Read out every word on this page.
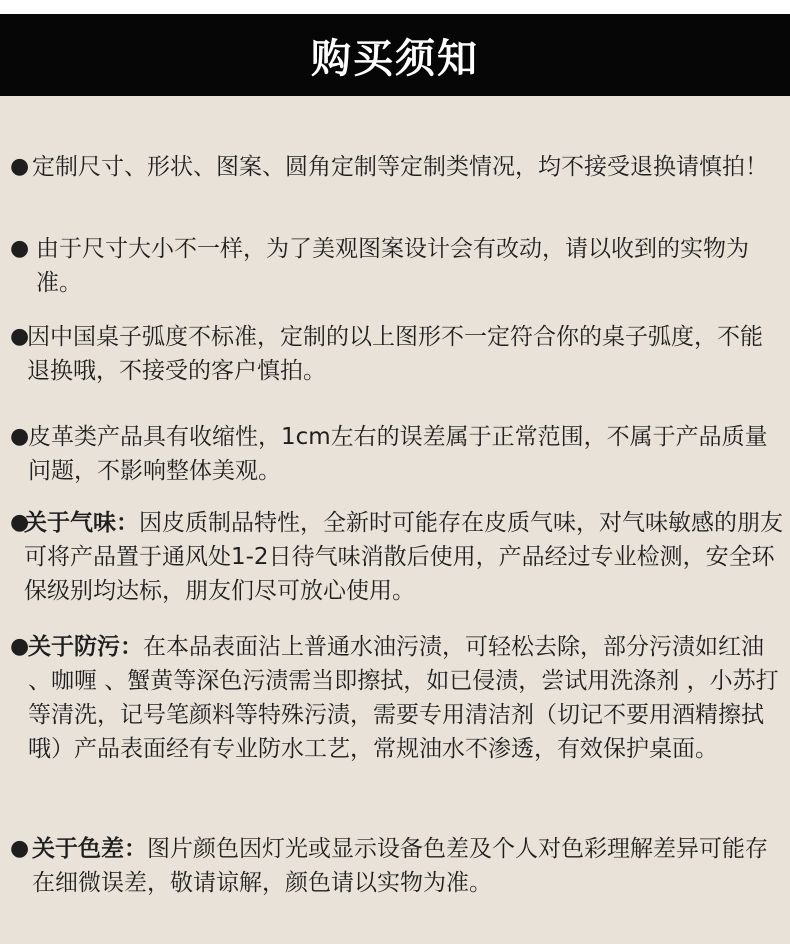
购买须知
● 定制尺寸、形状、图案、圆角定制等定制类情况，均不接受退换请慎拍！
● 由于尺寸大小不一样，为了美观图案设计会有改动，请以收到的实物为准。
●
因中国桌子弧度不标准，定制的以上图形不一定符合你的桌子弧度，不能退换哦，不接受的客户慎拍。
●
皮革类产品具有收缩性，1cm左右的误差属于正常范围，不属于产品质量问题，不影响整体美观。
●
关于气味：因皮质制品特性，全新时可能存在皮质气味，对气味敏感的朋友可将产品置于通风处1-2日待气味消散后使用，产品经过专业检测，安全环保级别均达标，朋友们尽可放心使用。
●
关于防污：在本品表面沾上普通水油污渍，可轻松去除，部分污渍如红油 、咖喱 、蟹黄等深色污渍需当即擦拭，如已侵渍，尝试用洗涤剂 ，小苏打等清洗，记号笔颜料等特殊污渍，需要专用清洁剂（切记不要用酒精擦拭哦）产品表面经有专业防水工艺，常规油水不渗透，有效保护桌面。
● 关于色差：图片颜色因灯光或显示设备色差及个人对色彩理解差异可能存在细微误差，敬请谅解，颜色请以实物为准。
